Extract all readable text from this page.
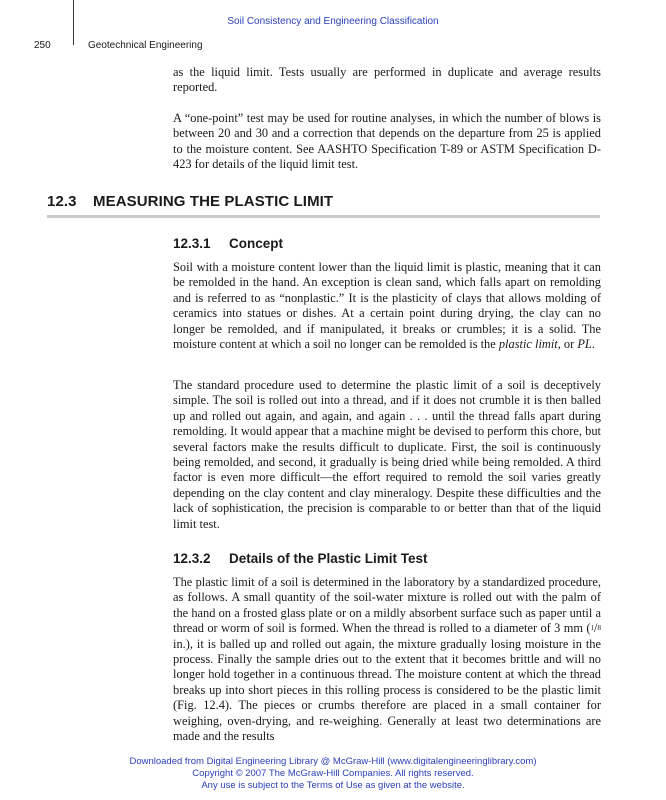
Soil Consistency and Engineering Classification
250	Geotechnical Engineering

as the liquid limit. Tests usually are performed in duplicate and average results reported.

A “one-point” test may be used for routine analyses, in which the number of blows is between 20 and 30 and a correction that depends on the departure from 25 is applied to the moisture content. See AASHTO Specification T-89 or ASTM Specification D-423 for details of the liquid limit test.

12.3 MEASURING THE PLASTIC LIMIT
12.3.1 Concept

Soil with a moisture content lower than the liquid limit is plastic, meaning that it can be remolded in the hand. An exception is clean sand, which falls apart on remolding and is referred to as “nonplastic.” It is the plasticity of clays that allows molding of ceramics into statues or dishes. At a certain point during drying, the clay can no longer be remolded, and if manipulated, it breaks or crumbles; it is a solid. The moisture content at which a soil no longer can be remolded is the plastic limit, or PL.

The standard procedure used to determine the plastic limit of a soil is deceptively simple. The soil is rolled out into a thread, and if it does not crumble it is then balled up and rolled out again, and again, and again . . . until the thread falls apart during remolding. It would appear that a machine might be devised to perform this chore, but several factors make the results difficult to duplicate. First, the soil is continuously being remolded, and second, it gradually is being dried while being remolded. A third factor is even more difficult—the effort required to remold the soil varies greatly depending on the clay content and clay mineralogy. Despite these difficulties and the lack of sophistication, the precision is comparable to or better than that of the liquid limit test.

12.3.2 Details of the Plastic Limit Test

The plastic limit of a soil is determined in the laboratory by a standardized procedure, as follows. A small quantity of the soil-water mixture is rolled out with the palm of the hand on a frosted glass plate or on a mildly absorbent surface such as paper until a thread or worm of soil is formed. When the thread is rolled to a diameter of 3 mm (1/8 in.), it is balled up and rolled out again, the mixture gradually losing moisture in the process. Finally the sample dries out to the extent that it becomes brittle and will no longer hold together in a continuous thread. The moisture content at which the thread breaks up into short pieces in this rolling process is considered to be the plastic limit (Fig. 12.4). The pieces or crumbs therefore are placed in a small container for weighing, oven-drying, and re-weighing. Generally at least two determinations are made and the results

Downloaded from Digital Engineering Library @ McGraw-Hill (www.digitalengineeringlibrary.com)
Copyright © 2007 The McGraw-Hill Companies. All rights reserved.
Any use is subject to the Terms of Use as given at the website.
